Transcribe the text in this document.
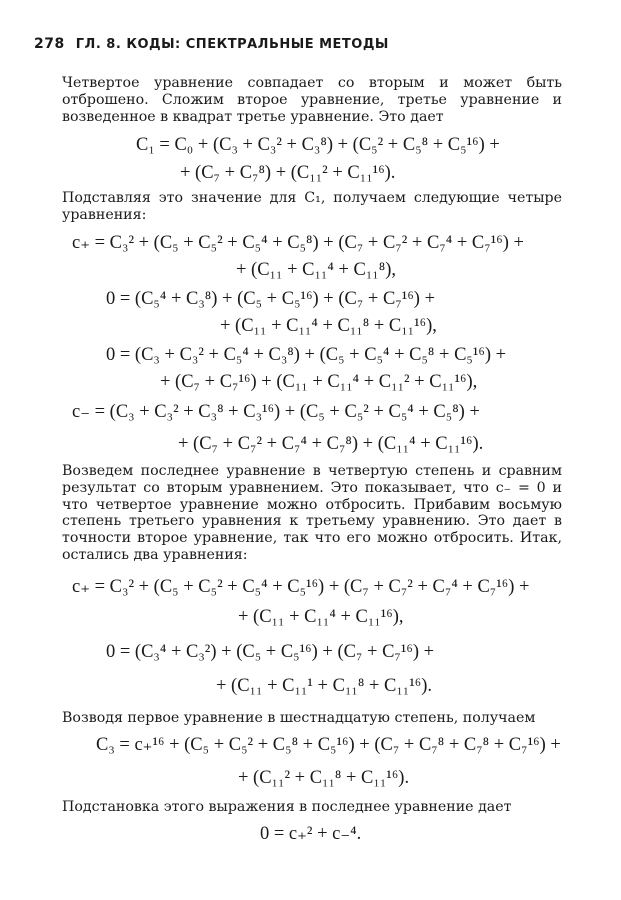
278 ГЛ. 8. КОДЫ: СПЕКТРАЛЬНЫЕ МЕТОДЫ

Четвертое уравнение совпадает со вторым и может быть отброшено. Сложим второе уравнение, третье уравнение и возведенное в квадрат третье уравнение. Это дает

C₁ = C₀ + (C₃ + C₃² + C₃⁸) + (C₅² + C₅⁸ + C₅¹⁶) +
+ (C₇ + C₇⁸) + (C₁₁² + C₁₁¹⁶).

Подставляя это значение для C₁, получаем следующие четыре уравнения:

c₊ = C₃² + (C₅ + C₅² + C₅⁴ + C₅⁸) + (C₇ + C₇² + C₇⁴ + C₇¹⁶) +
+ (C₁₁ + C₁₁⁴ + C₁₁⁸),
0 = (C₅⁴ + C₃⁸) + (C₅ + C₅¹⁶) + (C₇ + C₇¹⁶) +
+ (C₁₁ + C₁₁⁴ + C₁₁⁸ + C₁₁¹⁶),
0 = (C₃ + C₃² + C₅⁴ + C₃⁸) + (C₅ + C₅⁴ + C₅⁸ + C₅¹⁶) +
+ (C₇ + C₇¹⁶) + (C₁₁ + C₁₁⁴ + C₁₁² + C₁₁¹⁶),
c₋ = (C₃ + C₃² + C₃⁸ + C₃¹⁶) + (C₅ + C₅² + C₅⁴ + C₅⁸) +
+ (C₇ + C₇² + C₇⁴ + C₇⁸) + (C₁₁⁴ + C₁₁¹⁶).

Возведем последнее уравнение в четвертую степень и сравним результат со вторым уравнением. Это показывает, что c₋ = 0 и что четвертое уравнение можно отбросить. Прибавим восьмую степень третьего уравнения к третьему уравнению. Это дает в точности второе уравнение, так что его можно отбросить. Итак, остались два уравнения:

c₊ = C₃² + (C₅ + C₅² + C₅⁴ + C₅¹⁶) + (C₇ + C₇² + C₇⁴ + C₇¹⁶) +
+ (C₁₁ + C₁₁⁴ + C₁₁¹⁶),
0 = (C₃⁴ + C₃²) + (C₅ + C₅¹⁶) + (C₇ + C₇¹⁶) +
+ (C₁₁ + C₁₁¹ + C₁₁⁸ + C₁₁¹⁶).

Возводя первое уравнение в шестнадцатую степень, получаем

C₃ = c₊¹⁶ + (C₅ + C₅² + C₅⁸ + C₅¹⁶) + (C₇ + C₇⁸ + C₇⁸ + C₇¹⁶) +
+ (C₁₁² + C₁₁⁸ + C₁₁¹⁶).

Подстановка этого выражения в последнее уравнение дает

0 = c₊² + c₋⁴.
